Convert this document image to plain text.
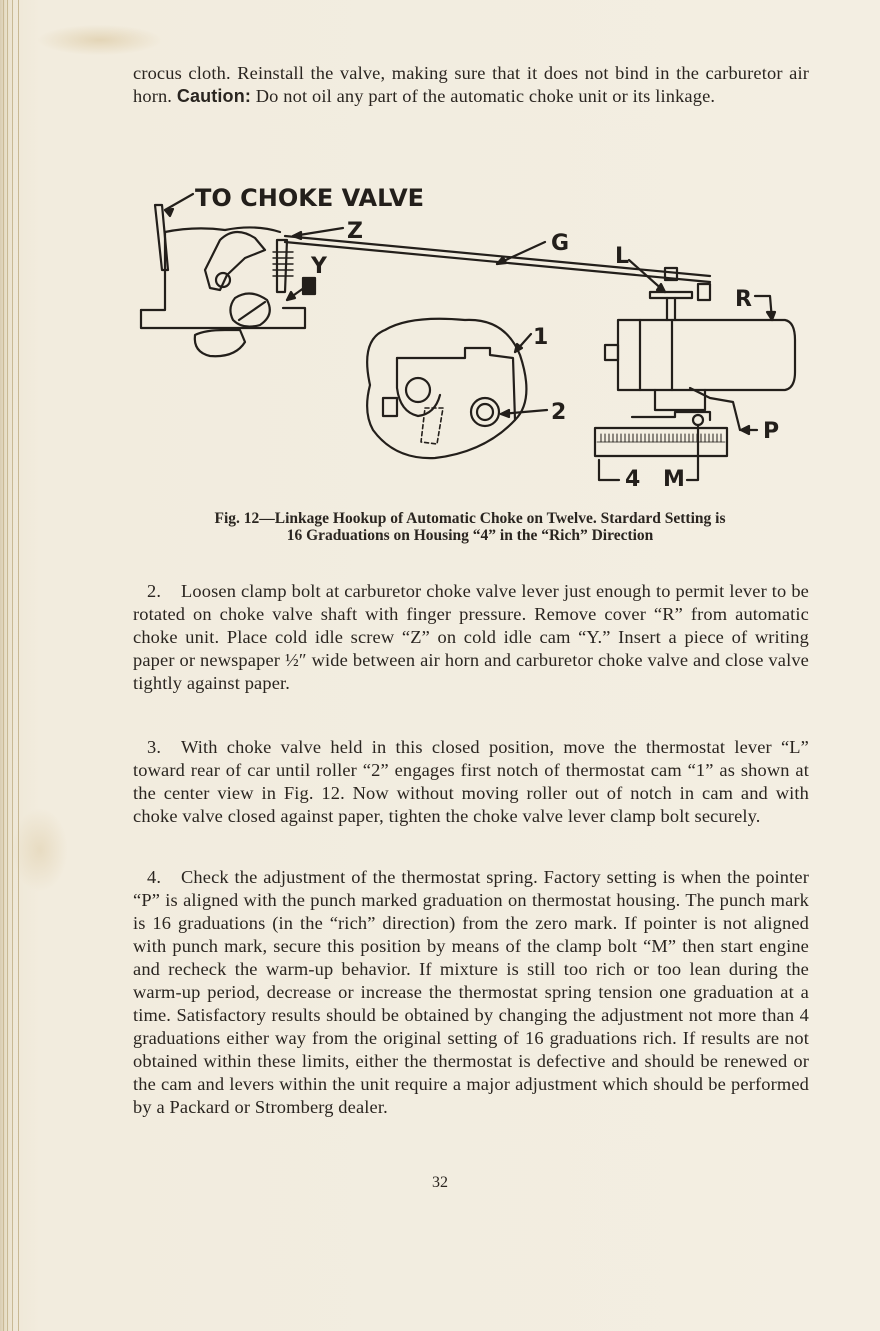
crocus cloth. Reinstall the valve, making sure that it does not bind in the carburetor air horn. Caution: Do not oil any part of the automatic choke unit or its linkage.

TO CHOKE VALVE
Z
Y
G
L
R
P
4 M
1
2
Fig. 12—Linkage Hookup of Automatic Choke on Twelve. Stardard Setting is
16 Graduations on Housing “4” in the “Rich” Direction

2. Loosen clamp bolt at carburetor choke valve lever just enough to permit lever to be rotated on choke valve shaft with finger pressure. Remove cover “R” from automatic choke unit. Place cold idle screw “Z” on cold idle cam “Y.” Insert a piece of writing paper or newspaper ½″ wide between air horn and carburetor choke valve and close valve tightly against paper.

3. With choke valve held in this closed position, move the thermostat lever “L” toward rear of car until roller “2” engages first notch of thermostat cam “1” as shown at the center view in Fig. 12. Now without moving roller out of notch in cam and with choke valve closed against paper, tighten the choke valve lever clamp bolt securely.

4. Check the adjustment of the thermostat spring. Factory setting is when the pointer “P” is aligned with the punch marked graduation on thermostat housing. The punch mark is 16 graduations (in the “rich” direction) from the zero mark. If pointer is not aligned with punch mark, secure this position by means of the clamp bolt “M” then start engine and recheck the warm-up behavior. If mixture is still too rich or too lean during the warm-up period, decrease or increase the thermostat spring tension one graduation at a time. Satisfactory results should be obtained by changing the adjustment not more than 4 graduations either way from the original setting of 16 graduations rich. If results are not obtained within these limits, either the thermostat is defective and should be renewed or the cam and levers within the unit require a major adjustment which should be performed by a Packard or Stromberg dealer.

32
